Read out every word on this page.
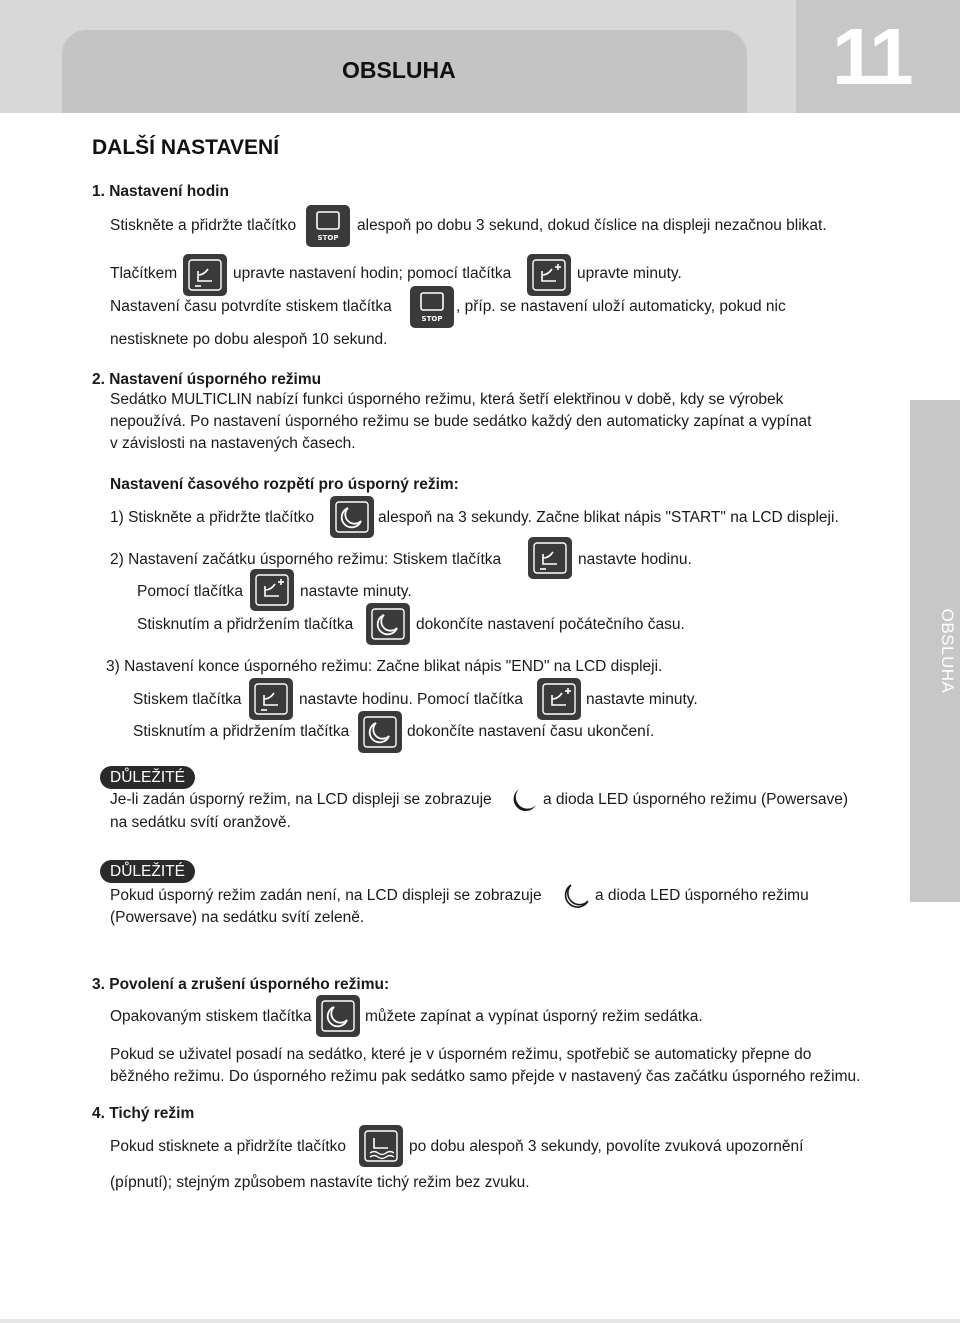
OBSLUHA	11
OBSLUHA
DALŠÍ NASTAVENÍ
1. Nastavení hodin
Stiskněte a přidržte tlačítko
STOP
alespoň po dobu 3 sekund, dokud číslice na displeji nezačnou blikat.
Tlačítkem	upravte nastavení hodin; pomocí tlačítka	upravte minuty.
Nastavení času potvrdíte stiskem tlačítka
STOP
, příp. se nastavení uloží automaticky, pokud nic
nestisknete po dobu alespoň 10 sekund.
2. Nastavení úsporného režimu
Sedátko MULTICLIN nabízí funkci úsporného režimu, která šetří elektřinou v době, kdy se výrobek
nepoužívá. Po nastavení úsporného režimu se bude sedátko každý den automaticky zapínat a vypínat
v závislosti na nastavených časech.
Nastavení časového rozpětí pro úsporný režim:
1) Stiskněte a přidržte tlačítko	alespoň na 3 sekundy. Začne blikat nápis "START" na LCD displeji.
2) Nastavení začátku úsporného režimu: Stiskem tlačítka	nastavte hodinu.
Pomocí tlačítka	nastavte minuty.
Stisknutím a přidržením tlačítka	dokončíte nastavení počátečního času.
3) Nastavení konce úsporného režimu: Začne blikat nápis "END" na LCD displeji.
Stiskem tlačítka	nastavte hodinu. Pomocí tlačítka	nastavte minuty.
Stisknutím a přidržením tlačítka	dokončíte nastavení času ukončení.
DŮLEŽITÉ
Je-li zadán úsporný režim, na LCD displeji se zobrazuje	a dioda LED úsporného režimu (Powersave)
na sedátku svítí oranžově.
DŮLEŽITÉ
Pokud úsporný režim zadán není, na LCD displeji se zobrazuje	a dioda LED úsporného režimu
(Powersave) na sedátku svítí zeleně.
3. Povolení a zrušení úsporného režimu:
Opakovaným stiskem tlačítka	můžete zapínat a vypínat úsporný režim sedátka.
Pokud se uživatel posadí na sedátko, které je v úsporném režimu, spotřebič se automaticky přepne do
běžného režimu. Do úsporného režimu pak sedátko samo přejde v nastavený čas začátku úsporného režimu.
4. Tichý režim
Pokud stisknete a přidržíte tlačítko	po dobu alespoň 3 sekundy, povolíte zvuková upozornění
(pípnutí); stejným způsobem nastavíte tichý režim bez zvuku.
